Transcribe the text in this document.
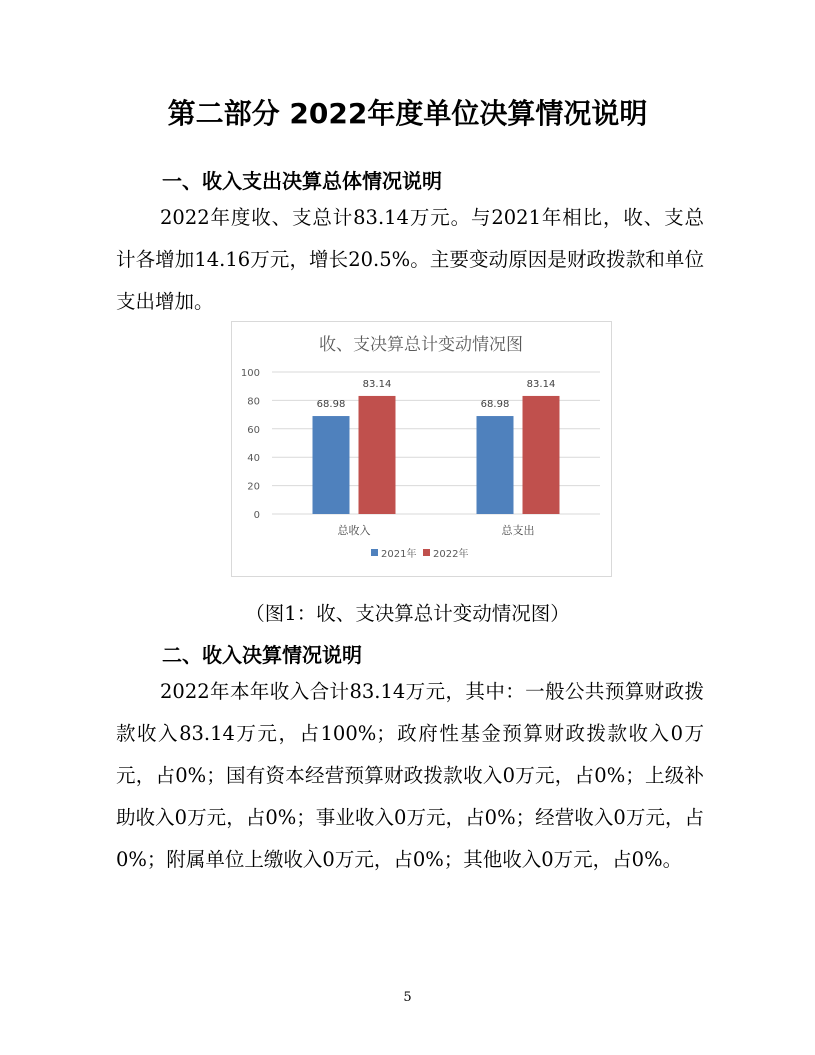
第二部分 2022年度单位决算情况说明
一、收入支出决算总体情况说明

2022年度收、支总计83.14万元。与2021年相比，收、支总计各增加14.16万元，增长20.5%。主要变动原因是财政拨款和单位支出增加。

收、支决算总计变动情况图
0
20
40
60
80
100
68.98
83.14
总收入
68.98
83.14
总支出
2021年 2022年

（图1：收、支决算总计变动情况图）

二、收入决算情况说明

2022年本年收入合计83.14万元，其中：一般公共预算财政拨款收入83.14万元，占100%；政府性基金预算财政拨款收入0万元，占0%；国有资本经营预算财政拨款收入0万元，占0%；上级补助收入0万元，占0%；事业收入0万元，占0%；经营收入0万元，占0%；附属单位上缴收入0万元，占0%；其他收入0万元，占0%。

5
